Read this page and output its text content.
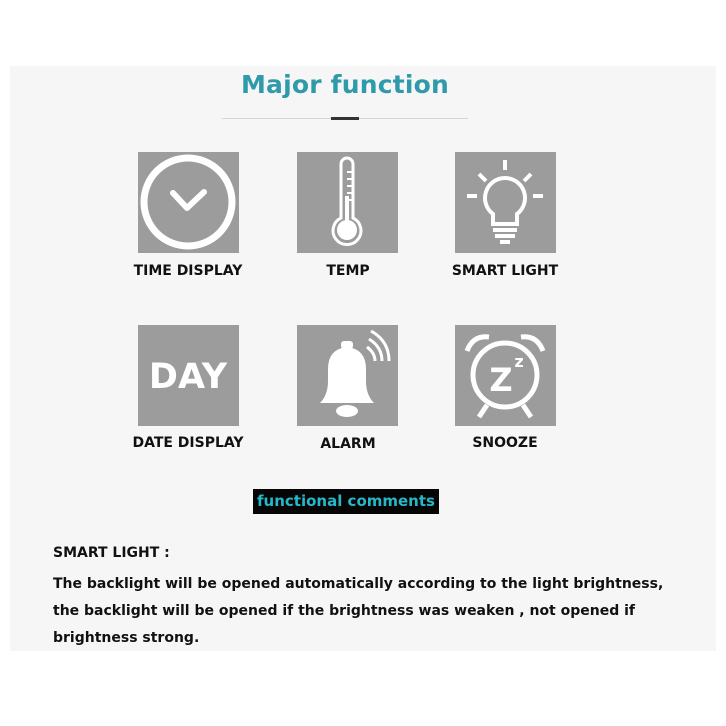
Major function
TIME DISPLAY	TEMP	SMART LIGHT
DAY
DATE DISPLAY	ALARM
Z z
SNOOZE
functional comments
SMART LIGHT :
The backlight will be opened automatically according to the light brightness,
the backlight will be opened if the brightness was weaken , not opened if
brightness strong.
